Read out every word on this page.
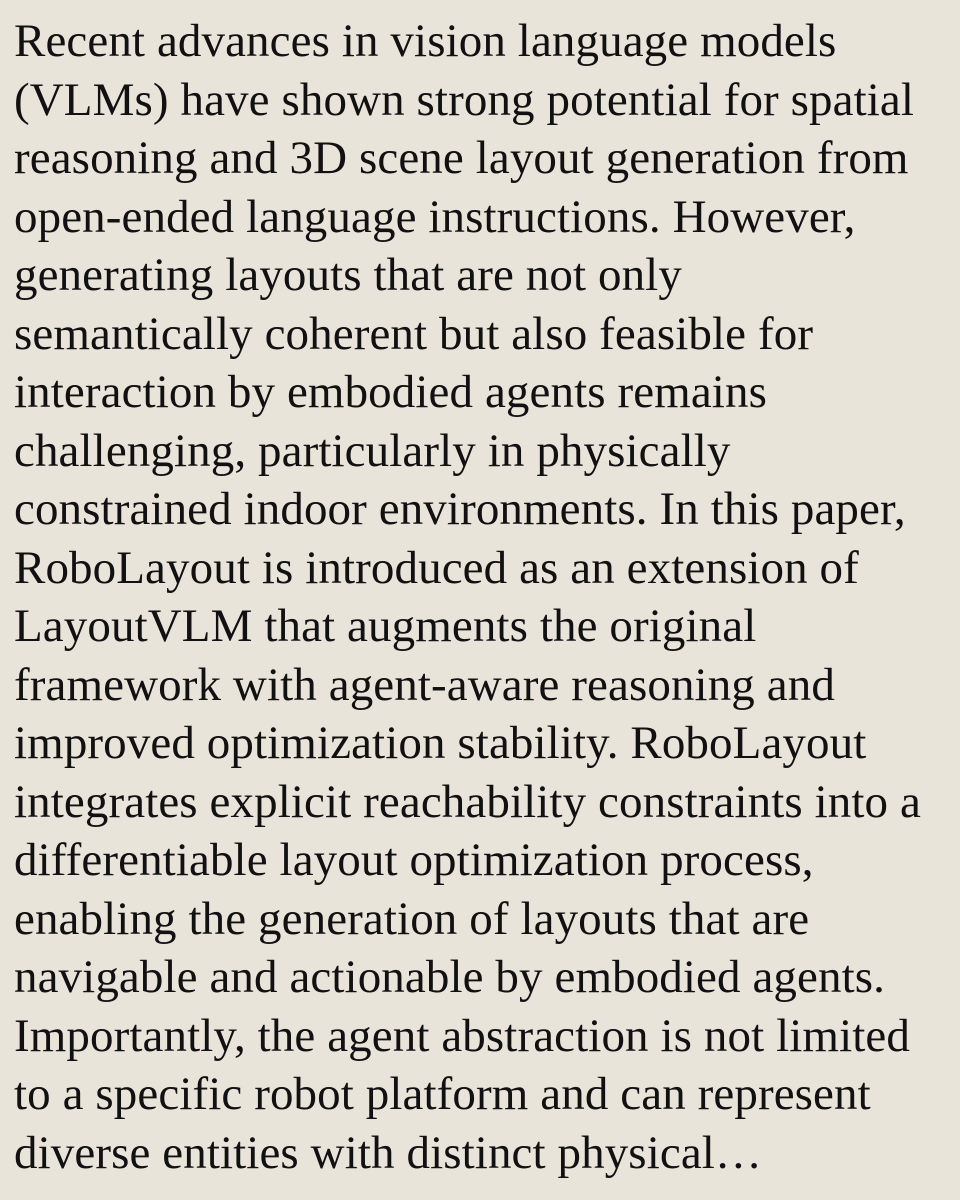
Recent advances in vision language models
(VLMs) have shown strong potential for spatial
reasoning and 3D scene layout generation from
open-ended language instructions. However,
generating layouts that are not only
semantically coherent but also feasible for
interaction by embodied agents remains
challenging, particularly in physically
constrained indoor environments. In this paper,
RoboLayout is introduced as an extension of
LayoutVLM that augments the original
framework with agent-aware reasoning and
improved optimization stability. RoboLayout
integrates explicit reachability constraints into a
differentiable layout optimization process,
enabling the generation of layouts that are
navigable and actionable by embodied agents.
Importantly, the agent abstraction is not limited
to a specific robot platform and can represent
diverse entities with distinct physical…
